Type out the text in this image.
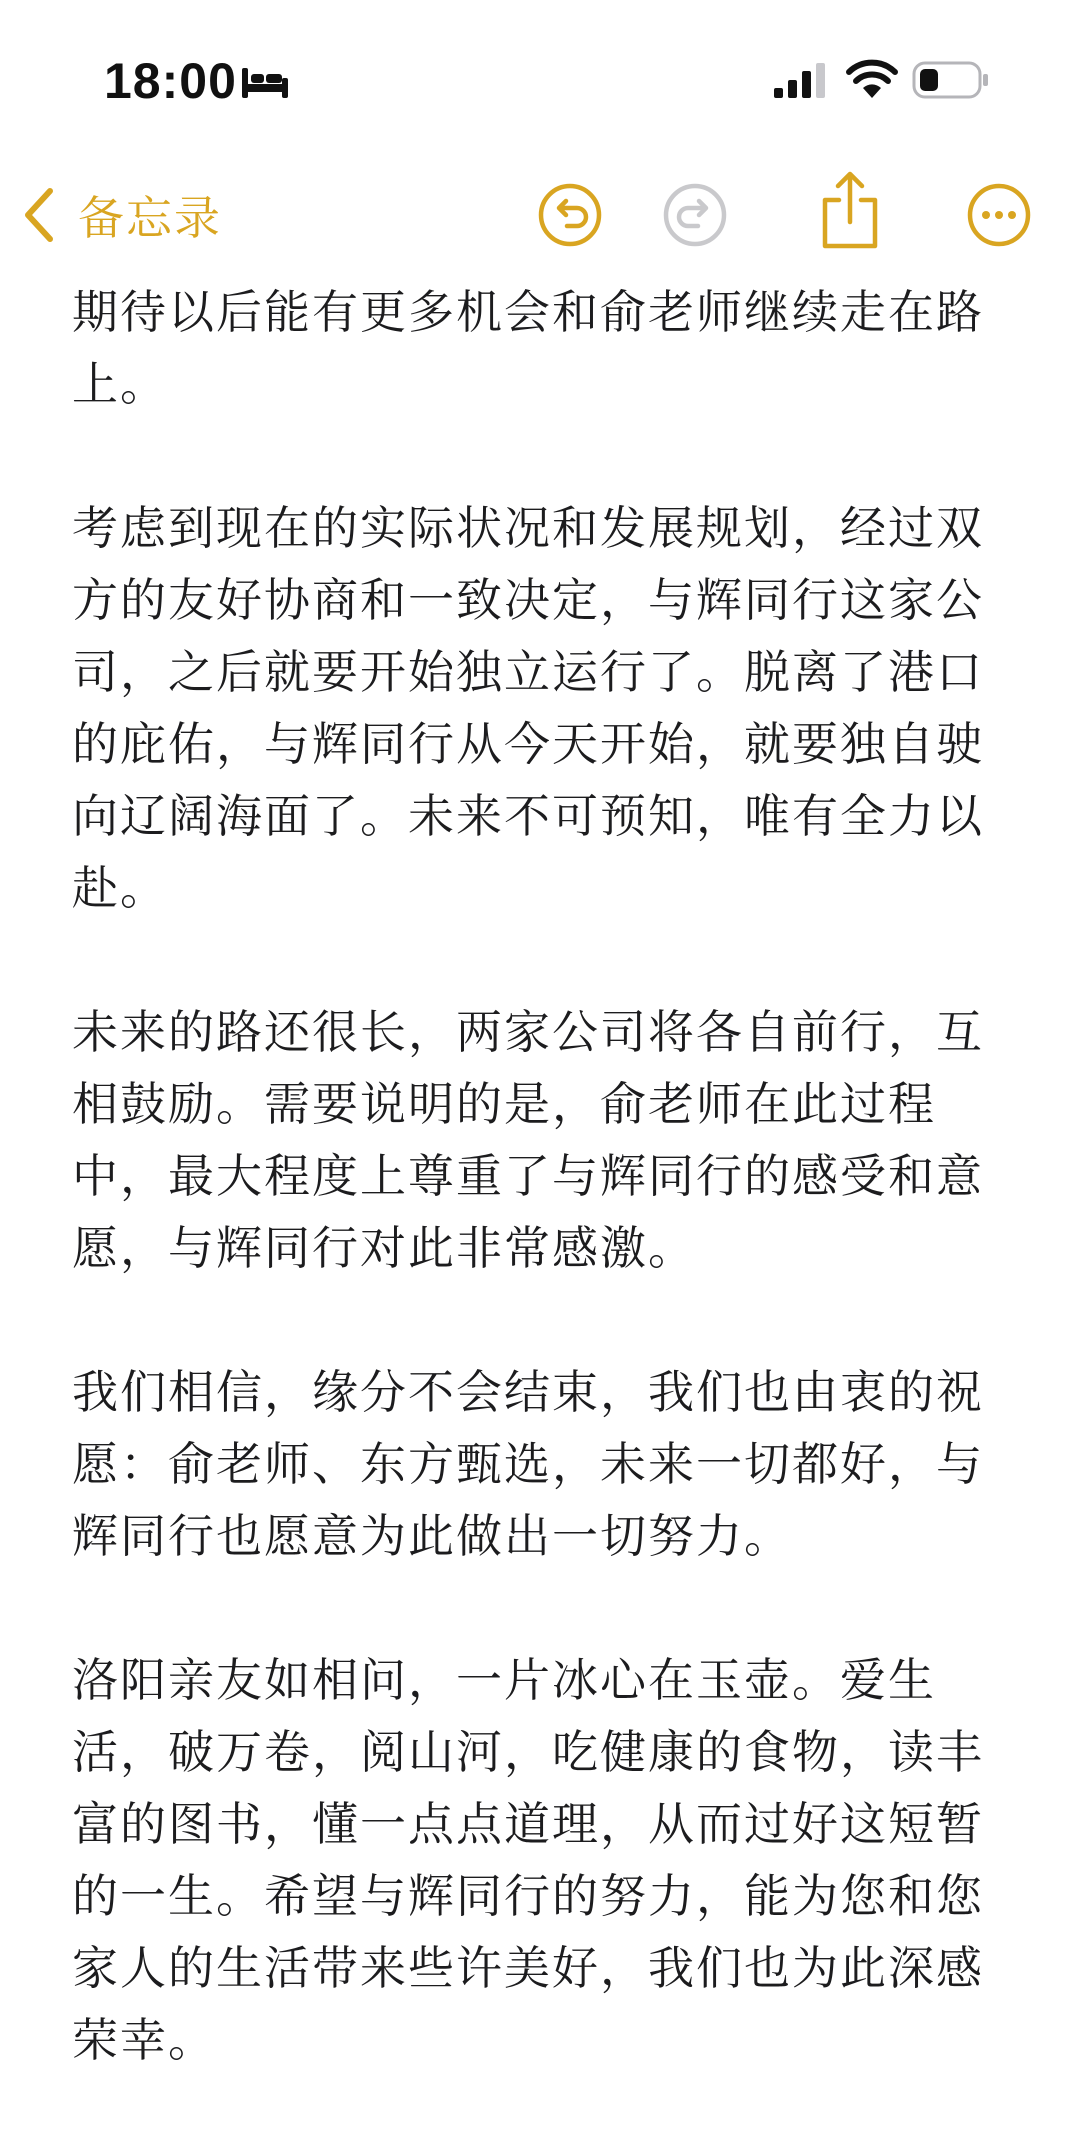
18:00
备忘录

期待以后能有更多机会和俞老师继续走在路
上。

考虑到现在的实际状况和发展规划，经过双
方的友好协商和一致决定，与辉同行这家公
司，之后就要开始独立运行了。脱离了港口
的庇佑，与辉同行从今天开始，就要独自驶
向辽阔海面了。未来不可预知，唯有全力以
赴。

未来的路还很长，两家公司将各自前行，互
相鼓励。需要说明的是，俞老师在此过程
中，最大程度上尊重了与辉同行的感受和意
愿，与辉同行对此非常感激。

我们相信，缘分不会结束，我们也由衷的祝
愿：俞老师、东方甄选，未来一切都好，与
辉同行也愿意为此做出一切努力。

洛阳亲友如相问，一片冰心在玉壶。爱生
活，破万卷，阅山河，吃健康的食物，读丰
富的图书，懂一点点道理，从而过好这短暂
的一生。希望与辉同行的努力，能为您和您
家人的生活带来些许美好，我们也为此深感
荣幸。
